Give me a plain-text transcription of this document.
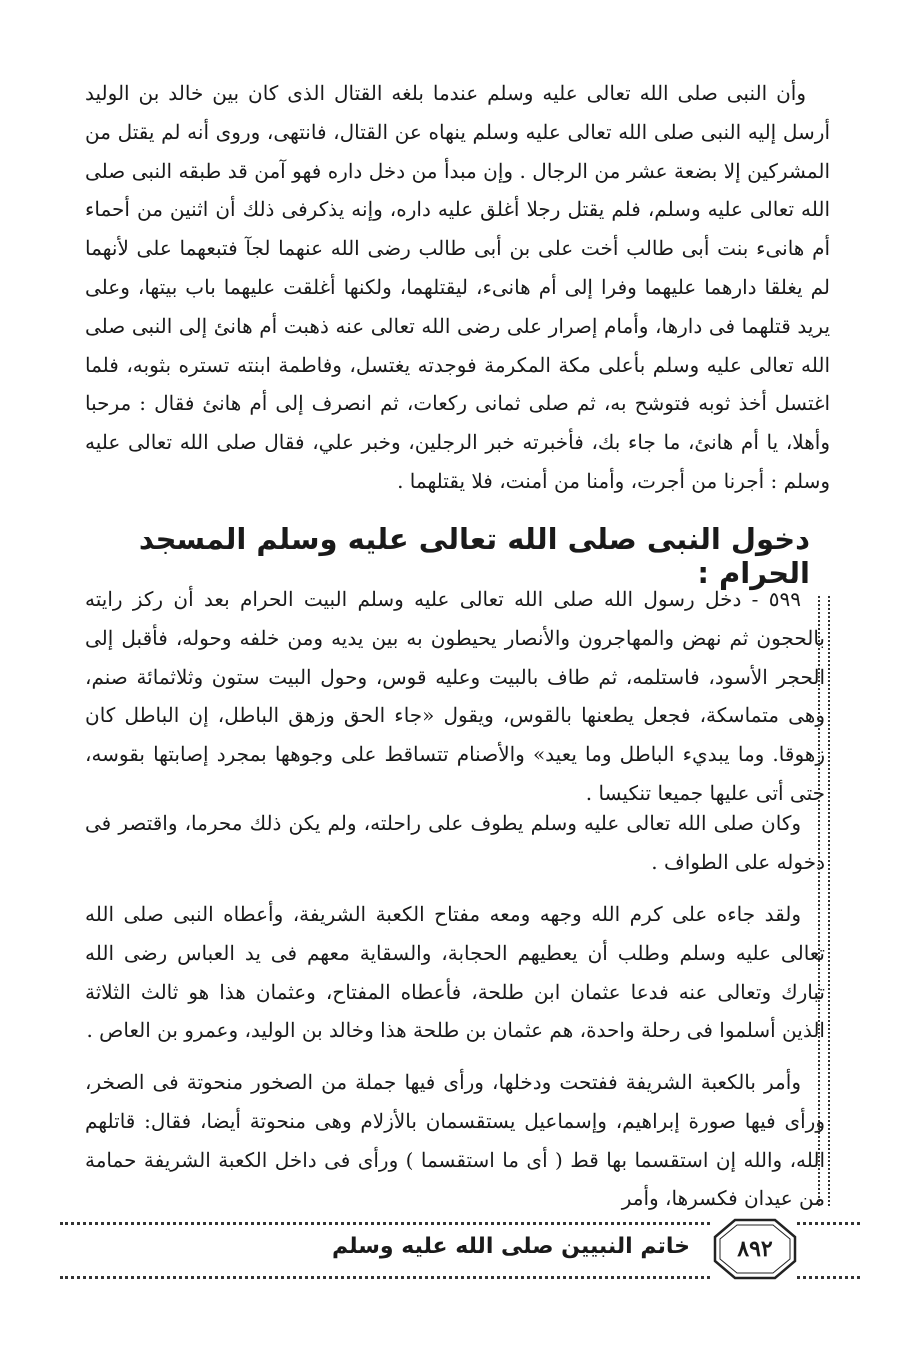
وأن النبى صلى الله تعالى عليه وسلم عندما بلغه القتال الذى كان بين خالد بن الوليد أرسل إليه النبى صلى الله تعالى عليه وسلم ينهاه عن القتال، فانتهى، وروى أنه لم يقتل من المشركين إلا بضعة عشر من الرجال . وإن مبدأ من دخل داره فهو آمن قد طبقه النبى صلى الله تعالى عليه وسلم، فلم يقتل رجلا أغلق عليه داره، وإنه يذكرفى ذلك أن اثنين من أحماء أم هانىء بنت أبى طالب أخت على بن أبى طالب رضى الله عنهما لجآ فتبعهما على لأنهما لم يغلقا دارهما عليهما وفرا إلى أم هانىء، ليقتلهما، ولكنها أغلقت عليهما باب بيتها، وعلى يريد قتلهما فى دارها، وأمام إصرار على رضى الله تعالى عنه ذهبت أم هانئ إلى النبى صلى الله تعالى عليه وسلم بأعلى مكة المكرمة فوجدته يغتسل، وفاطمة ابنته تستره بثوبه، فلما اغتسل أخذ ثوبه فتوشح به، ثم صلى ثمانى ركعات، ثم انصرف إلى أم هانئ فقال : مرحبا وأهلا، يا أم هانئ، ما جاء بك، فأخبرته خبر الرجلين، وخبر علي، فقال صلى الله تعالى عليه وسلم : أجرنا من أجرت، وأمنا من أمنت، فلا يقتلهما .

دخول النبى صلى الله تعالى عليه وسلم المسجد الحرام :

٥٩٩ - دخل رسول الله صلى الله تعالى عليه وسلم البيت الحرام بعد أن ركز رايته بالحجون ثم نهض والمهاجرون والأنصار يحيطون به بين يديه ومن خلفه وحوله، فأقبل إلى الحجر الأسود، فاستلمه، ثم طاف بالبيت وعليه قوس، وحول البيت ستون وثلاثمائة صنم، وهى متماسكة، فجعل يطعنها بالقوس، ويقول «جاء الحق وزهق الباطل، إن الباطل كان زهوقا. وما يبديء الباطل وما يعيد» والأصنام تتساقط على وجوهها بمجرد إصابتها بقوسه، حتى أتى عليها جميعا تنكيسا .

وكان صلى الله تعالى عليه وسلم يطوف على راحلته، ولم يكن ذلك محرما، واقتصر فى دخوله على الطواف .

ولقد جاءه على كرم الله وجهه ومعه مفتاح الكعبة الشريفة، وأعطاه النبى صلى الله تعالى عليه وسلم وطلب أن يعطيهم الحجابة، والسقاية معهم فى يد العباس رضى الله تبارك وتعالى عنه فدعا عثمان ابن طلحة، فأعطاه المفتاح، وعثمان هذا هو ثالث الثلاثة الذين أسلموا فى رحلة واحدة، هم عثمان بن طلحة هذا وخالد بن الوليد، وعمرو بن العاص .

وأمر بالكعبة الشريفة ففتحت ودخلها، ورأى فيها جملة من الصخور منحوتة فى الصخر، ورأى فيها صورة إبراهيم، وإسماعيل يستقسمان بالأزلام وهى منحوتة أيضا، فقال: قاتلهم الله، والله إن استقسما بها قط ( أى ما استقسما ) ورأى فى داخل الكعبة الشريفة حمامة من عيدان فكسرها، وأمر

٨٩٢
خاتم النبيين صلى الله عليه وسلم
